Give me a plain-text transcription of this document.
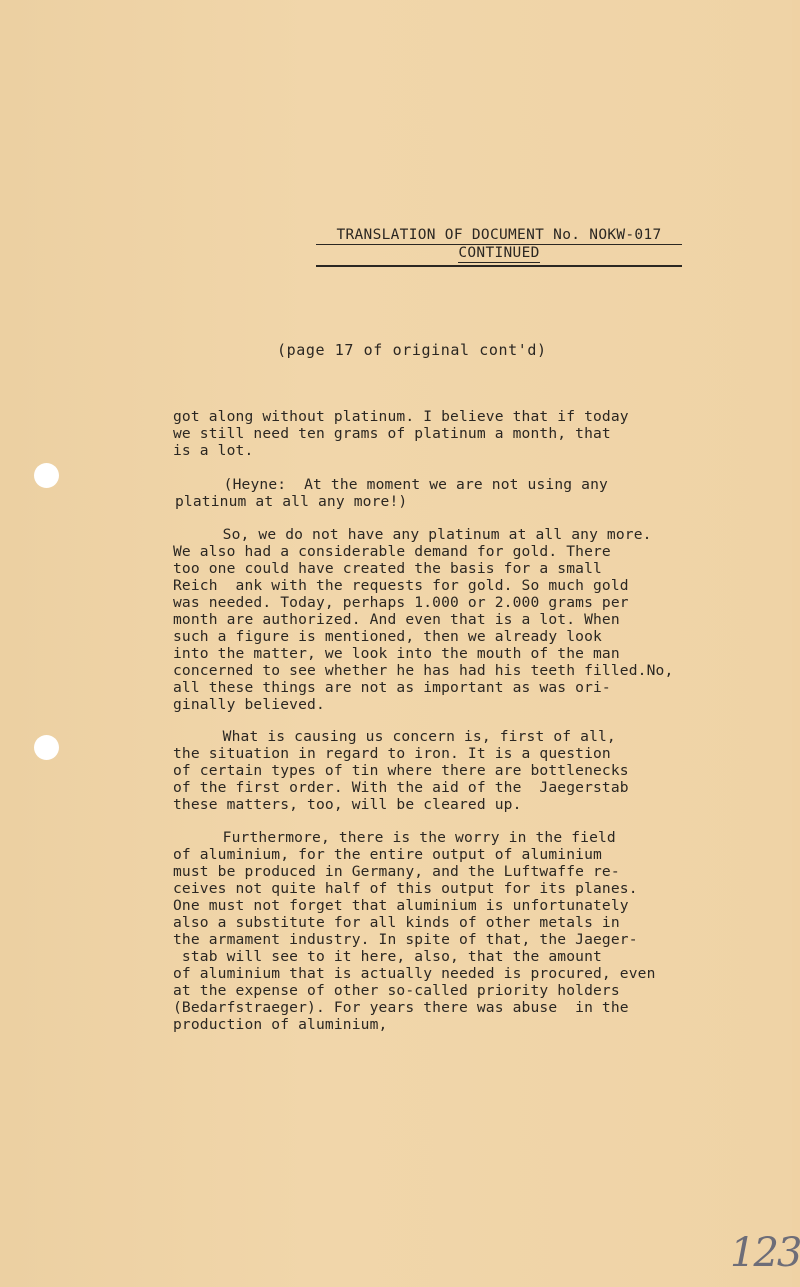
TRANSLATION OF DOCUMENT No. NOKW-017
CONTINUED
(page 17 of original cont'd)
got along without platinum. I believe that if today
we still need ten grams of platinum a month, that
is a lot.
(Heyne:  At the moment we are not using any
platinum at all any more!)
So, we do not have any platinum at all any more.
We also had a considerable demand for gold. There
too one could have created the basis for a small
Reich  ank with the requests for gold. So much gold
was needed. Today, perhaps 1.000 or 2.000 grams per
month are authorized. And even that is a lot. When
such a figure is mentioned, then we already look
into the matter, we look into the mouth of the man
concerned to see whether he has had his teeth filled.No,
all these things are not as important as was ori-
ginally believed.
What is causing us concern is, first of all,
the situation in regard to iron. It is a question
of certain types of tin where there are bottlenecks
of the first order. With the aid of the  Jaegerstab
these matters, too, will be cleared up.
Furthermore, there is the worry in the field
of aluminium, for the entire output of aluminium
must be produced in Germany, and the Luftwaffe re-
ceives not quite half of this output for its planes.
One must not forget that aluminium is unfortunately
also a substitute for all kinds of other metals in
the armament industry. In spite of that, the Jaeger-
stab will see to it here, also, that the amount
of aluminium that is actually needed is procured, even
at the expense of other so-called priority holders
(Bedarfstraeger). For years there was abuse  in the
production of aluminium,
123
